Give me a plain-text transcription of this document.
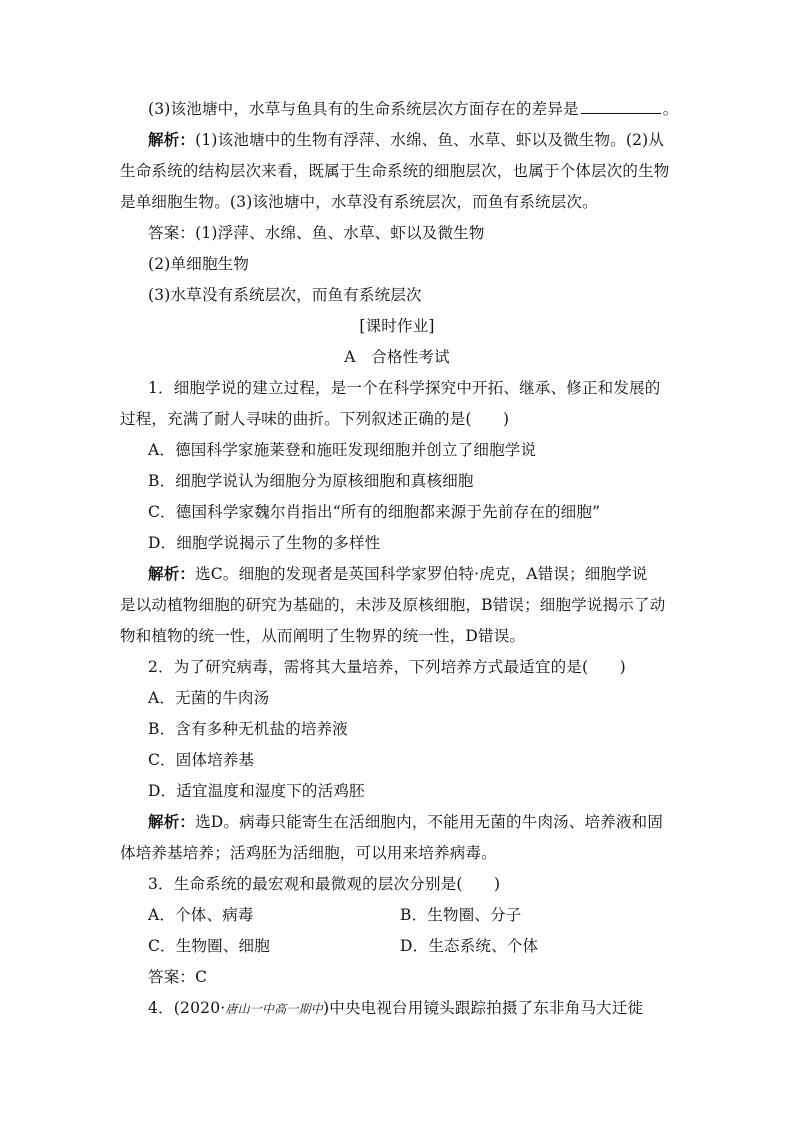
(3)该池塘中，水草与鱼具有的生命系统层次方面存在的差异是	。
解析：(1)该池塘中的生物有浮萍、水绵、鱼、水草、虾以及微生物。(2)从
生命系统的结构层次来看，既属于生命系统的细胞层次，也属于个体层次的生物
是单细胞生物。(3)该池塘中，水草没有系统层次，而鱼有系统层次。
答案：(1)浮萍、水绵、鱼、水草、虾以及微生物
(2)单细胞生物
(3)水草没有系统层次，而鱼有系统层次
[课时作业]
A　合格性考试
1．细胞学说的建立过程，是一个在科学探究中开拓、继承、修正和发展的
过程，充满了耐人寻味的曲折。下列叙述正确的是(　　)
A．德国科学家施莱登和施旺发现细胞并创立了细胞学说
B．细胞学说认为细胞分为原核细胞和真核细胞
C．德国科学家魏尔肖指出“所有的细胞都来源于先前存在的细胞”
D．细胞学说揭示了生物的多样性
解析：选C。细胞的发现者是英国科学家罗伯特·虎克，A错误；细胞学说
是以动植物细胞的研究为基础的，未涉及原核细胞，B错误；细胞学说揭示了动
物和植物的统一性，从而阐明了生物界的统一性，D错误。
2．为了研究病毒，需将其大量培养，下列培养方式最适宜的是(　　)
A．无菌的牛肉汤
B．含有多种无机盐的培养液
C．固体培养基
D．适宜温度和湿度下的活鸡胚
解析：选D。病毒只能寄生在活细胞内，不能用无菌的牛肉汤、培养液和固
体培养基培养；活鸡胚为活细胞，可以用来培养病毒。
3．生命系统的最宏观和最微观的层次分别是(　　)
A．个体、病毒	B．生物圈、分子
C．生物圈、细胞	D．生态系统、个体
答案：C
4．(2020·唐山一中高一期中)中央电视台用镜头跟踪拍摄了东非角马大迁徙
